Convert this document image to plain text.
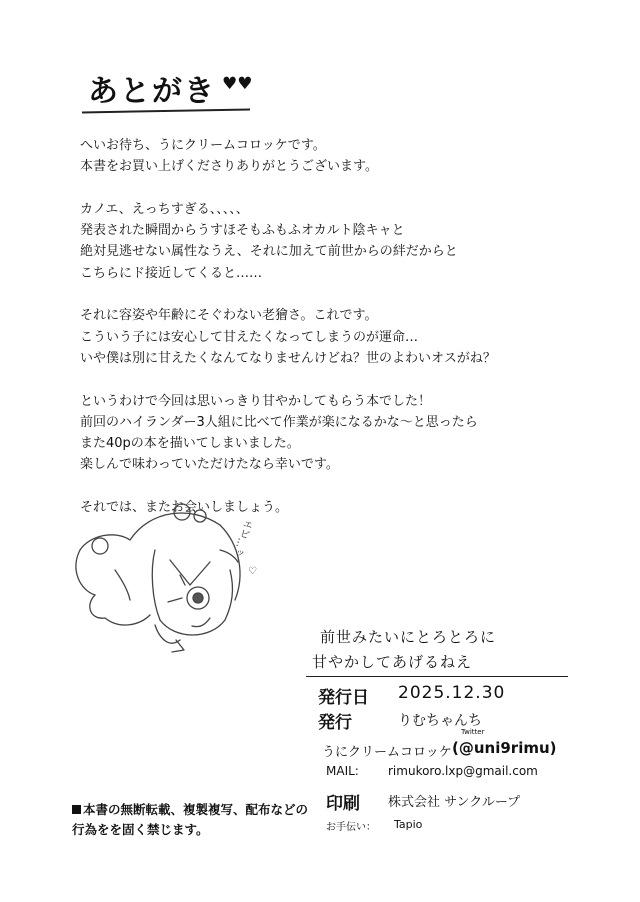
あとがき ♥♥
へいお待ち、うにクリームコロッケです。
本書をお買い上げくださりありがとうございます。
カノエ、えっちすぎる、、、、、
発表された瞬間からうすほそもふもふオカルト陰キャと
絶対見逃せない属性なうえ、それに加えて前世からの絆だからと
こちらにド接近してくると……
それに容姿や年齢にそぐわない老獪さ。これです。
こういう子には安心して甘えたくなってしまうのが運命…
いや僕は別に甘えたくなんてなりませんけどね？世のよわいオスがね？
というわけで今回は思いっきり甘やかしてもらう本でした！
前回のハイランダー3人組に比べて作業が楽になるかな〜と思ったら
また40pの本を描いてしまいました。
楽しんで味わっていただけたなら幸いです。
それでは、またお会いしましょう。
エビ…ッ
♡
前世みたいにとろとろに
甘やかしてあげるねえ
発行日 2025.12.30
発行	りむちゃんち
うにクリームコロッケ
Twitter
(@uni9rimu)
MAIL: rimukoro.lxp@gmail.com
印刷 株式会社 サンクループ
お手伝い： Tapio
本書の無断転載、複製複写、配布などの
行為をを固く禁じます。
